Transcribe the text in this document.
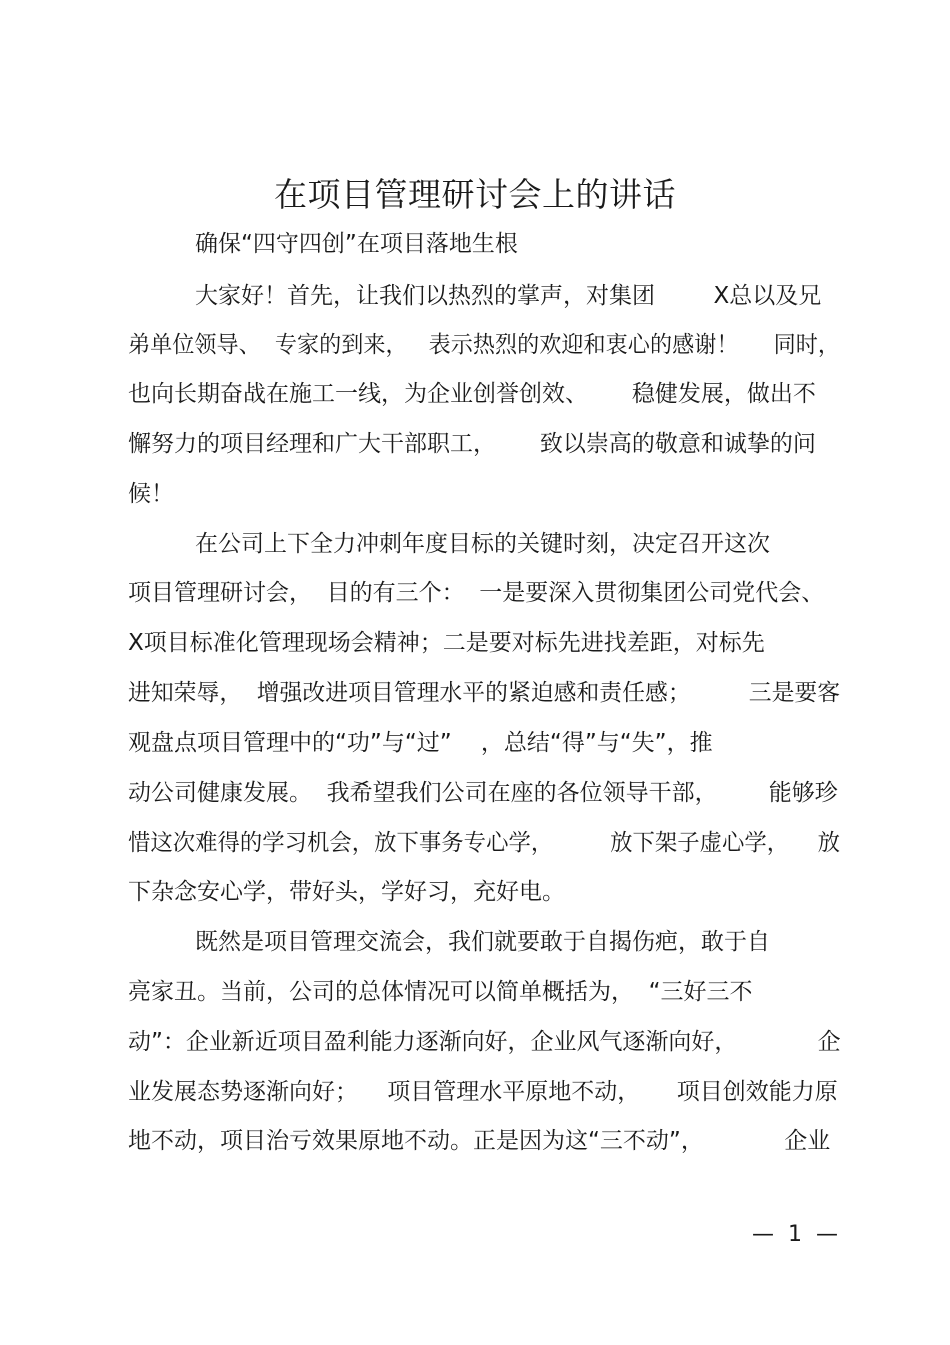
在项目管理研讨会上的讲话

确保“四守四创”在项目落地生根

大家好！首先，让我们以热烈的掌声，对集团        X总以及兄

弟单位领导、  专家的到来，   表示热烈的欢迎和衷心的感谢！     同时，

也向长期奋战在施工一线，为企业创誉创效、      稳健发展，做出不

懈努力的项目经理和广大干部职工，      致以崇高的敬意和诚挚的问

候！

在公司上下全力冲刺年度目标的关键时刻，决定召开这次

项目管理研讨会，  目的有三个：  一是要深入贯彻集团公司党代会、

X项目标准化管理现场会精神；二是要对标先进找差距，对标先

进知荣辱，  增强改进项目管理水平的紧迫感和责任感；        三是要客

观盘点项目管理中的“功”与“过”    ，总结“得”与“失”，推

动公司健康发展。  我希望我们公司在座的各位领导干部，       能够珍

惜这次难得的学习机会，放下事务专心学，        放下架子虚心学，    放

下杂念安心学，带好头，学好习，充好电。

既然是项目管理交流会，我们就要敢于自揭伤疤，敢于自

亮家丑。当前，公司的总体情况可以简单概括为，  “三好三不

动”：企业新近项目盈利能力逐渐向好，企业风气逐渐向好，           企

业发展态势逐渐向好；    项目管理水平原地不动，     项目创效能力原

地不动，项目治亏效果原地不动。正是因为这“三不动”，           企业

—  1  —
